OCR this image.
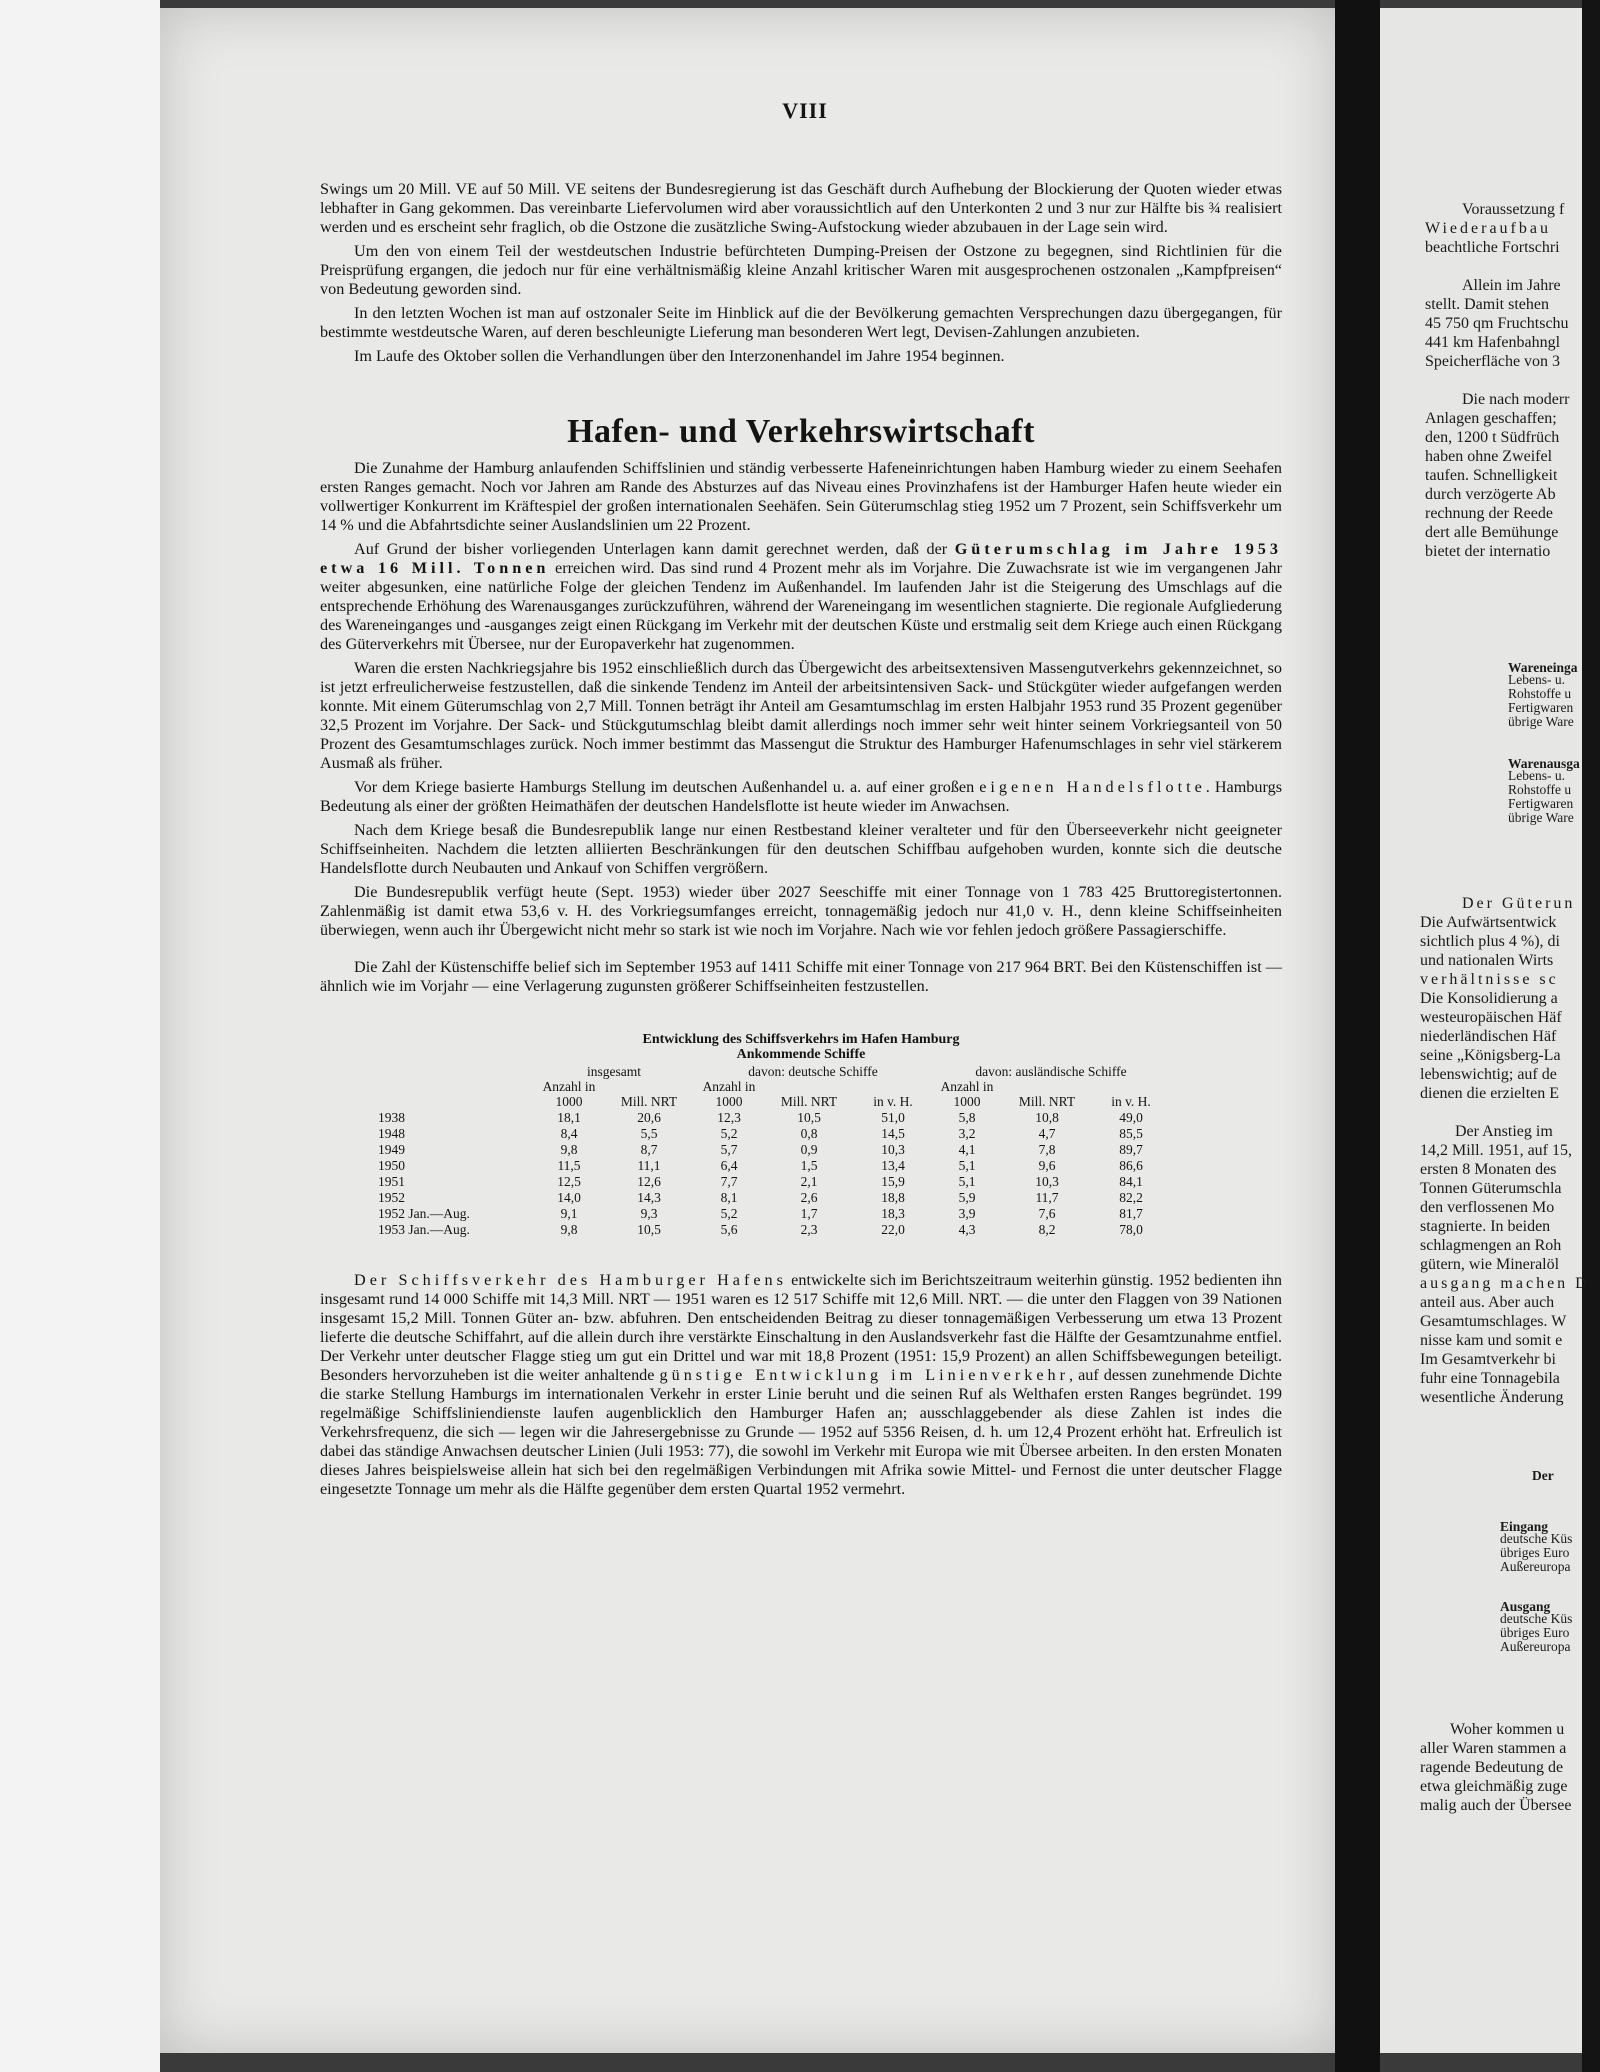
VIII

Swings um 20 Mill. VE auf 50 Mill. VE seitens der Bundesregierung ist das Geschäft durch Aufhebung der Blockierung der Quoten wieder etwas lebhafter in Gang gekommen. Das vereinbarte Liefervolumen wird aber voraussichtlich auf den Unterkonten 2 und 3 nur zur Hälfte bis ¾ realisiert werden und es erscheint sehr fraglich, ob die Ostzone die zusätzliche Swing-Aufstockung wieder abzubauen in der Lage sein wird.

Um den von einem Teil der westdeutschen Industrie befürchteten Dumping-Preisen der Ostzone zu begegnen, sind Richtlinien für die Preisprüfung ergangen, die jedoch nur für eine verhältnismäßig kleine Anzahl kritischer Waren mit ausgesprochenen ostzonalen „Kampfpreisen“ von Bedeutung geworden sind.

In den letzten Wochen ist man auf ostzonaler Seite im Hinblick auf die der Bevölkerung gemachten Versprechungen dazu übergegangen, für bestimmte westdeutsche Waren, auf deren beschleunigte Lieferung man besonderen Wert legt, Devisen-Zahlungen anzubieten.

Im Laufe des Oktober sollen die Verhandlungen über den Interzonenhandel im Jahre 1954 beginnen.

Hafen- und Verkehrswirtschaft

Die Zunahme der Hamburg anlaufenden Schiffslinien und ständig verbesserte Hafeneinrichtungen haben Hamburg wieder zu einem Seehafen ersten Ranges gemacht. Noch vor Jahren am Rande des Absturzes auf das Niveau eines Provinzhafens ist der Hamburger Hafen heute wieder ein vollwertiger Konkurrent im Kräftespiel der großen internationalen Seehäfen. Sein Güterumschlag stieg 1952 um 7 Prozent, sein Schiffsverkehr um 14 % und die Abfahrtsdichte seiner Auslandslinien um 22 Prozent.

Auf Grund der bisher vorliegenden Unterlagen kann damit gerechnet werden, daß der Güterumschlag im Jahre 1953 etwa 16 Mill. Tonnen erreichen wird. Das sind rund 4 Prozent mehr als im Vorjahre. Die Zuwachsrate ist wie im vergangenen Jahr weiter abgesunken, eine natürliche Folge der gleichen Tendenz im Außenhandel. Im laufenden Jahr ist die Steigerung des Umschlags auf die entsprechende Erhöhung des Warenausganges zurückzuführen, während der Wareneingang im wesentlichen stagnierte. Die regionale Aufgliederung des Wareneinganges und -ausganges zeigt einen Rückgang im Verkehr mit der deutschen Küste und erstmalig seit dem Kriege auch einen Rückgang des Güterverkehrs mit Übersee, nur der Europaverkehr hat zugenommen.

Waren die ersten Nachkriegsjahre bis 1952 einschließlich durch das Übergewicht des arbeitsextensiven Massengutverkehrs gekennzeichnet, so ist jetzt erfreulicherweise festzustellen, daß die sinkende Tendenz im Anteil der arbeitsintensiven Sack- und Stückgüter wieder aufgefangen werden konnte. Mit einem Güterumschlag von 2,7 Mill. Tonnen beträgt ihr Anteil am Gesamtumschlag im ersten Halbjahr 1953 rund 35 Prozent gegenüber 32,5 Prozent im Vorjahre. Der Sack- und Stückgutumschlag bleibt damit allerdings noch immer sehr weit hinter seinem Vorkriegsanteil von 50 Prozent des Gesamtumschlages zurück. Noch immer bestimmt das Massengut die Struktur des Hamburger Hafenumschlages in sehr viel stärkerem Ausmaß als früher.

Vor dem Kriege basierte Hamburgs Stellung im deutschen Außenhandel u. a. auf einer großen eigenen Handelsflotte. Hamburgs Bedeutung als einer der größten Heimathäfen der deutschen Handelsflotte ist heute wieder im Anwachsen.

Nach dem Kriege besaß die Bundesrepublik lange nur einen Restbestand kleiner veralteter und für den Überseeverkehr nicht geeigneter Schiffseinheiten. Nachdem die letzten alliierten Beschränkungen für den deutschen Schiffbau aufgehoben wurden, konnte sich die deutsche Handelsflotte durch Neubauten und Ankauf von Schiffen vergrößern.

Die Bundesrepublik verfügt heute (Sept. 1953) wieder über 2027 Seeschiffe mit einer Tonnage von 1 783 425 Bruttoregistertonnen. Zahlenmäßig ist damit etwa 53,6 v. H. des Vorkriegsumfanges erreicht, tonnagemäßig jedoch nur 41,0 v. H., denn kleine Schiffseinheiten überwiegen, wenn auch ihr Übergewicht nicht mehr so stark ist wie noch im Vorjahre. Nach wie vor fehlen jedoch größere Passagierschiffe.

Die Zahl der Küstenschiffe belief sich im September 1953 auf 1411 Schiffe mit einer Tonnage von 217 964 BRT. Bei den Küstenschiffen ist — ähnlich wie im Vorjahr — eine Verlagerung zugunsten größerer Schiffseinheiten festzustellen.

Entwicklung des Schiffsverkehrs im Hafen Hamburg
Ankommende Schiffe
	insgesamt		davon: deutsche Schiffe			davon: ausländische Schiffe		
	Anzahl in 1000	Mill. NRT	Anzahl in 1000	Mill. NRT	in v. H.	Anzahl in 1000	Mill. NRT	in v. H.
1938	18,1	20,6	12,3	10,5	51,0	5,8	10,8	49,0
1948	8,4	5,5	5,2	0,8	14,5	3,2	4,7	85,5
1949	9,8	8,7	5,7	0,9	10,3	4,1	7,8	89,7
1950	11,5	11,1	6,4	1,5	13,4	5,1	9,6	86,6
1951	12,5	12,6	7,7	2,1	15,9	5,1	10,3	84,1
1952	14,0	14,3	8,1	2,6	18,8	5,9	11,7	82,2
1952 Jan.—Aug.	9,1	9,3	5,2	1,7	18,3	3,9	7,6	81,7
1953 Jan.—Aug.	9,8	10,5	5,6	2,3	22,0	4,3	8,2	78,0

Der Schiffsverkehr des Hamburger Hafens entwickelte sich im Berichtszeitraum weiterhin günstig. 1952 bedienten ihn insgesamt rund 14 000 Schiffe mit 14,3 Mill. NRT — 1951 waren es 12 517 Schiffe mit 12,6 Mill. NRT. — die unter den Flaggen von 39 Nationen insgesamt 15,2 Mill. Tonnen Güter an- bzw. abfuhren. Den entscheidenden Beitrag zu dieser tonnagemäßigen Verbesserung um etwa 13 Prozent lieferte die deutsche Schiffahrt, auf die allein durch ihre verstärkte Einschaltung in den Auslandsverkehr fast die Hälfte der Gesamtzunahme entfiel. Der Verkehr unter deutscher Flagge stieg um gut ein Drittel und war mit 18,8 Prozent (1951: 15,9 Prozent) an allen Schiffsbewegungen beteiligt. Besonders hervorzuheben ist die weiter anhaltende günstige Entwicklung im Linienverkehr, auf dessen zunehmende Dichte die starke Stellung Hamburgs im internationalen Verkehr in erster Linie beruht und die seinen Ruf als Welthafen ersten Ranges begründet. 199 regelmäßige Schiffsliniendienste laufen augenblicklich den Hamburger Hafen an; ausschlaggebender als diese Zahlen ist indes die Verkehrsfrequenz, die sich — legen wir die Jahresergebnisse zu Grunde — 1952 auf 5356 Reisen, d. h. um 12,4 Prozent erhöht hat. Erfreulich ist dabei das ständige Anwachsen deutscher Linien (Juli 1953: 77), die sowohl im Verkehr mit Europa wie mit Übersee arbeiten. In den ersten Monaten dieses Jahres beispielsweise allein hat sich bei den regelmäßigen Verbindungen mit Afrika sowie Mittel- und Fernost die unter deutscher Flagge eingesetzte Tonnage um mehr als die Hälfte gegenüber dem ersten Quartal 1952 vermehrt.

Voraussetzung f
Wiederaufbau
beachtliche Fortschri
Allein im Jahre
stellt. Damit stehen
45 750 qm Fruchtschu
441 km Hafenbahngl
Speicherfläche von 3
Die nach moderr
Anlagen geschaffen;
den, 1200 t Südfrüch
haben ohne Zweifel
taufen. Schnelligkeit
durch verzögerte Ab
rechnung der Reede
dert alle Bemühunge
bietet der internatio
Wareneinga
Lebens- u.
Rohstoffe u
Fertigwaren
übrige Ware
Warenausga
Lebens- u.
Rohstoffe u
Fertigwaren
übrige Ware
Der Güterun
Die Aufwärtsentwick
sichtlich plus 4 %), di
und nationalen Wirts
verhältnisse sc
Die Konsolidierung a
westeuropäischen Häf
niederländischen Häf
seine „Königsberg-La
lebenswichtig; auf de
dienen die erzielten E
Der Anstieg im
14,2 Mill. 1951, auf 15,
ersten 8 Monaten des
Tonnen Güterumschla
den verflossenen Mo
stagnierte. In beiden
schlagmengen an Roh
gütern, wie Mineralöl
ausgang machen D
anteil aus. Aber auch
Gesamtumschlages. W
nisse kam und somit e
Im Gesamtverkehr bi
fuhr eine Tonnagebila
wesentliche Änderung
Der
Eingang
deutsche Küs
übriges Euro
Außereuropa
Ausgang
deutsche Küs
übriges Euro
Außereuropa
Woher kommen u
aller Waren stammen a
ragende Bedeutung de
etwa gleichmäßig zuge
malig auch der Übersee
